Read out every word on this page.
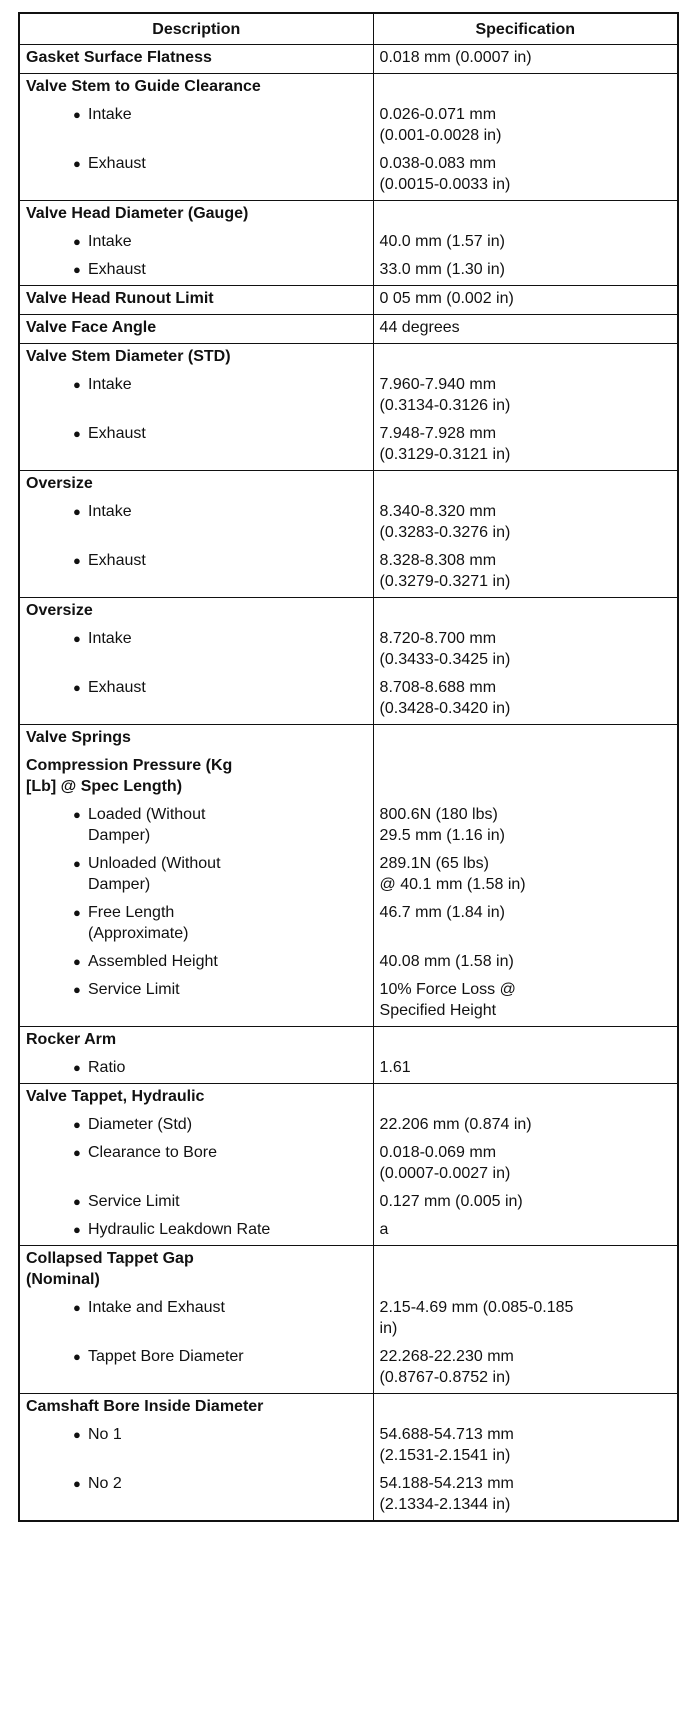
Description	Specification

Gasket Surface Flatness	0.018 mm (0.0007 in)

Valve Stem to Guide Clearance	

● Intake	0.026-0.071 mm
(0.001-0.0028 in)

● Exhaust	0.038-0.083 mm
(0.0015-0.0033 in)

Valve Head Diameter (Gauge)	

● Intake	40.0 mm (1.57 in)

● Exhaust	33.0 mm (1.30 in)

Valve Head Runout Limit	0 05 mm (0.002 in)

Valve Face Angle	44 degrees

Valve Stem Diameter (STD)	

● Intake	7.960-7.940 mm
(0.3134-0.3126 in)

● Exhaust	7.948-7.928 mm
(0.3129-0.3121 in)

Oversize	

● Intake	8.340-8.320 mm
(0.3283-0.3276 in)

● Exhaust	8.328-8.308 mm
(0.3279-0.3271 in)

Oversize	

● Intake	8.720-8.700 mm
(0.3433-0.3425 in)

● Exhaust	8.708-8.688 mm
(0.3428-0.3420 in)

Valve Springs	

Compression Pressure (Kg
[Lb] @ Spec Length)	

● Loaded (Without
Damper)	800.6N (180 lbs)
29.5 mm (1.16 in)

● Unloaded (Without
Damper)	289.1N (65 lbs)
@ 40.1 mm (1.58 in)

● Free Length
(Approximate)	46.7 mm (1.84 in)

● Assembled Height	40.08 mm (1.58 in)

● Service Limit	10% Force Loss @
Specified Height

Rocker Arm	

● Ratio	1.61

Valve Tappet, Hydraulic	

● Diameter (Std)	22.206 mm (0.874 in)

● Clearance to Bore	0.018-0.069 mm
(0.0007-0.0027 in)

● Service Limit	0.127 mm (0.005 in)

● Hydraulic Leakdown Rate	a

Collapsed Tappet Gap
(Nominal)	

● Intake and Exhaust	2.15-4.69 mm (0.085-0.185
in)

● Tappet Bore Diameter	22.268-22.230 mm
(0.8767-0.8752 in)

Camshaft Bore Inside Diameter	

● No 1	54.688-54.713 mm
(2.1531-2.1541 in)

● No 2	54.188-54.213 mm
(2.1334-2.1344 in)
